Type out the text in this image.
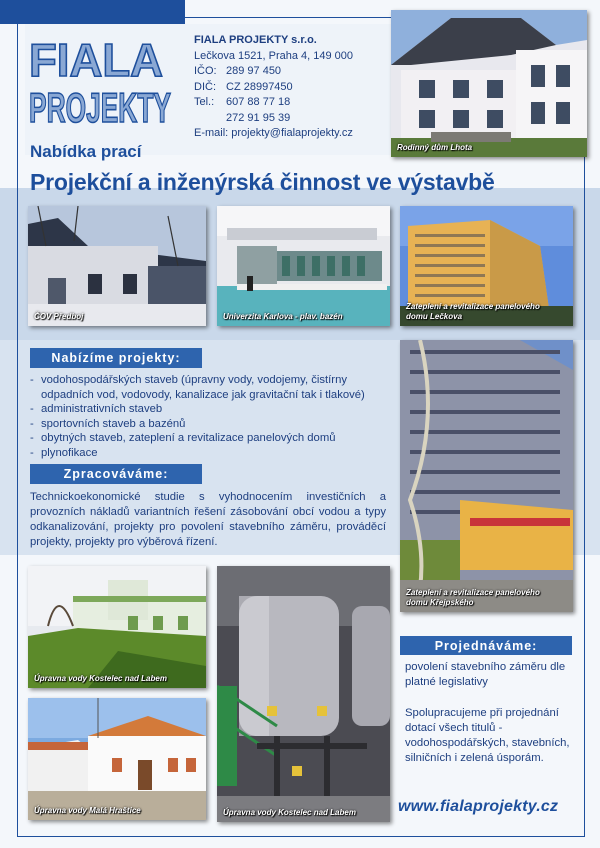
FIALA
PROJEKTY
FIALA PROJEKTY s.r.o.
Lečkova 1521, Praha 4, 149 000
IČO: 289 97 450
DIČ: CZ 28997450
Tel.: 607 88 77 18
272 91 95 39
E-mail: projekty@fialaprojekty.cz
Nabídka prací
Projekční a inženýrská činnost ve výstavbě
Rodinný dům Lhota
ČOV Předboj	Univerzita Karlova - plav. bazén
Zateplení a revitalizace panelového
domu Lečkova
Zateplení a revitalizace panelového
domu Křejpského
Nabízíme projekty:
- vodohospodářských staveb (úpravny vody, vodojemy, čistírny odpadních vod, vodovody, kanalizace jak gravitační tak i tlakové)
- administrativních staveb
- sportovních staveb a bazénů
- obytných staveb, zateplení a revitalizace panelových domů
- plynofikace
Zpracováváme:
Technickoekonomické studie s vyhodnocením investičních a provozních nákladů variantních řešení zásobování obcí vodou a typy odkanalizování, projekty pro povolení stavebního záměru, prováděcí projekty, projekty pro výběrová řízení.
Úpravna vody Kostelec nad Labem
Úpravna vody Malá Hraštice	Úpravna vody Kostelec nad Labem
Projednáváme:
povolení stavebního záměru dle platné legislativy
Spolupracujeme při projednání dotací všech titulů - vodohospodářských, stavebních, silničních i zelená úsporám.
www.fialaprojekty.cz
